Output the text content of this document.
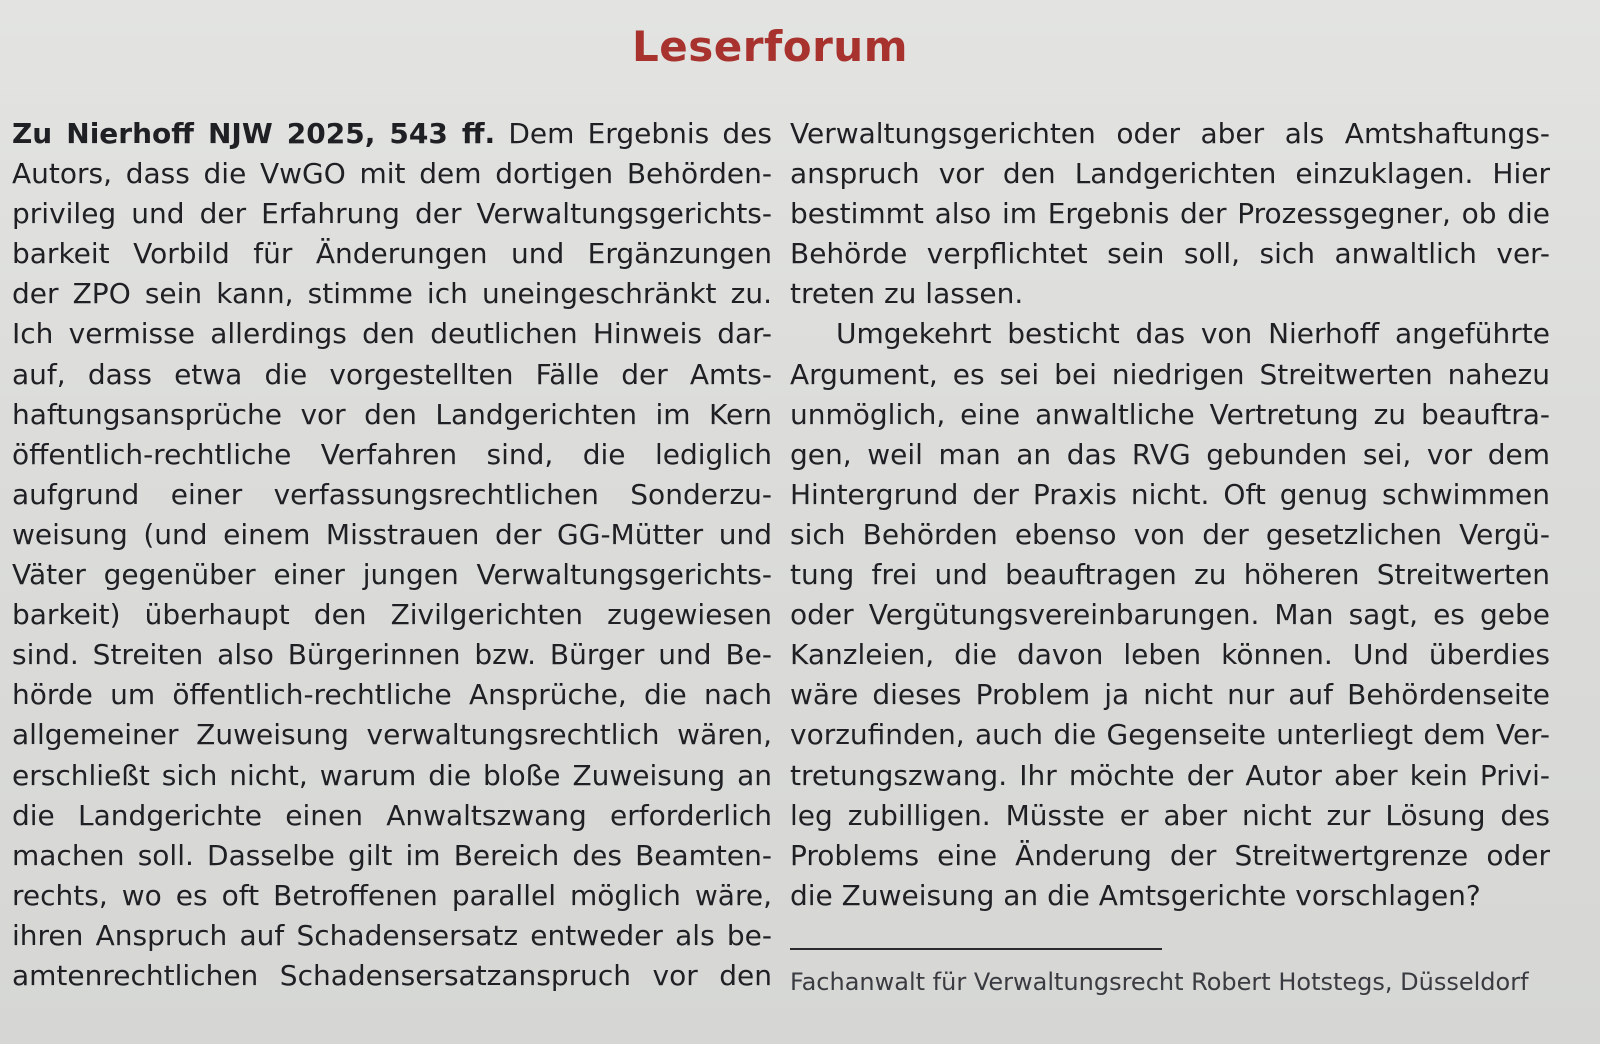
Leserforum
Zu Nierhoff NJW 2025, 543 ff. Dem Ergebnis des
Autors, dass die VwGO mit dem dortigen Behörden-
privileg und der Erfahrung der Verwaltungsgerichts-
barkeit Vorbild für Änderungen und Ergänzungen
der ZPO sein kann, stimme ich uneingeschränkt zu.
Ich vermisse allerdings den deutlichen Hinweis dar-
auf, dass etwa die vorgestellten Fälle der Amts-
haftungsansprüche vor den Landgerichten im Kern
öffentlich-rechtliche Verfahren sind, die lediglich
aufgrund einer verfassungsrechtlichen Sonderzu-
weisung (und einem Misstrauen der GG-Mütter und
Väter gegenüber einer jungen Verwaltungsgerichts-
barkeit) überhaupt den Zivilgerichten zugewiesen
sind. Streiten also Bürgerinnen bzw. Bürger und Be-
hörde um öffentlich-rechtliche Ansprüche, die nach
allgemeiner Zuweisung verwaltungsrechtlich wären,
erschließt sich nicht, warum die bloße Zuweisung an
die Landgerichte einen Anwaltszwang erforderlich
machen soll. Dasselbe gilt im Bereich des Beamten-
rechts, wo es oft Betroffenen parallel möglich wäre,
ihren Anspruch auf Schadensersatz entweder als be-
amtenrechtlichen Schadensersatzanspruch vor den
Verwaltungsgerichten oder aber als Amtshaftungs-
anspruch vor den Landgerichten einzuklagen. Hier
bestimmt also im Ergebnis der Prozessgegner, ob die
Behörde verpflichtet sein soll, sich anwaltlich ver-
treten zu lassen.
Umgekehrt besticht das von Nierhoff angeführte
Argument, es sei bei niedrigen Streitwerten nahezu
unmöglich, eine anwaltliche Vertretung zu beauftra-
gen, weil man an das RVG gebunden sei, vor dem
Hintergrund der Praxis nicht. Oft genug schwimmen
sich Behörden ebenso von der gesetzlichen Vergü-
tung frei und beauftragen zu höheren Streitwerten
oder Vergütungsvereinbarungen. Man sagt, es gebe
Kanzleien, die davon leben können. Und überdies
wäre dieses Problem ja nicht nur auf Behördenseite
vorzufinden, auch die Gegenseite unterliegt dem Ver-
tretungszwang. Ihr möchte der Autor aber kein Privi-
leg zubilligen. Müsste er aber nicht zur Lösung des
Problems eine Änderung der Streitwertgrenze oder
die Zuweisung an die Amtsgerichte vorschlagen?

Fachanwalt für Verwaltungsrecht Robert Hotstegs, Düsseldorf
